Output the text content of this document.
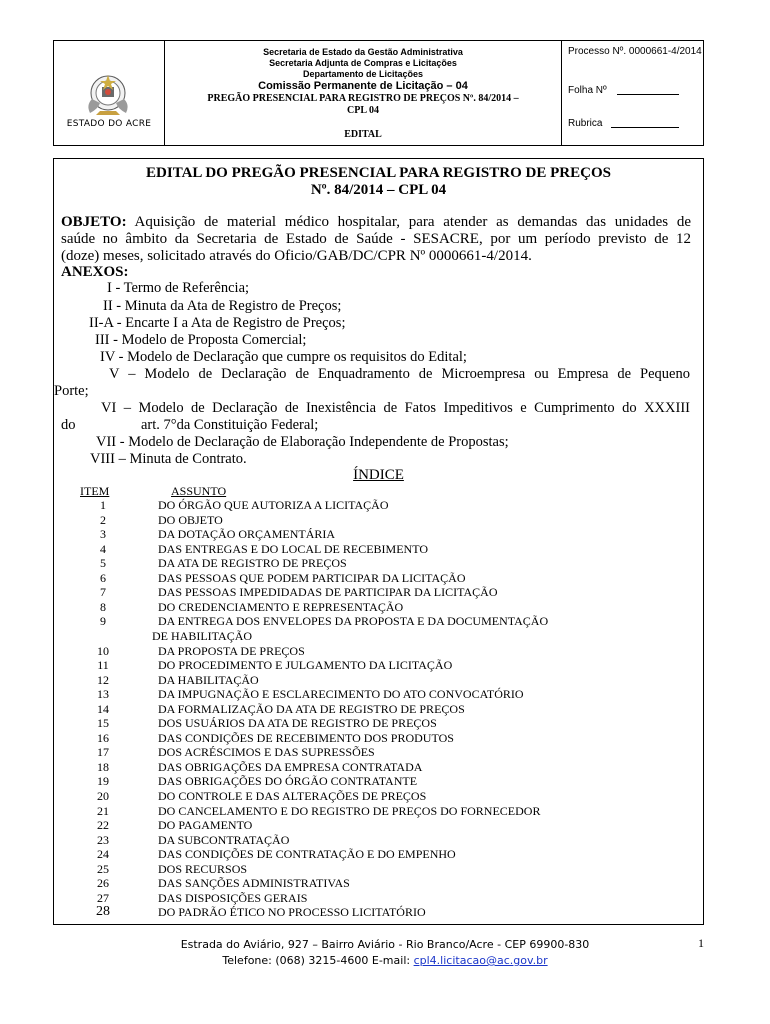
ESTADO DO ACRE
Secretaria de Estado da Gestão Administrativa
Secretaria Adjunta de Compras e Licitações
Departamento de Licitações
Comissão Permanente de Licitação – 04
PREGÃO PRESENCIAL PARA REGISTRO DE PREÇOS Nº. 84/2014 –
CPL 04
EDITAL
Processo Nº. 0000661-4/2014
Folha Nº
Rubrica
EDITAL DO PREGÃO PRESENCIAL PARA REGISTRO DE PREÇOS
Nº. 84/2014 – CPL 04
OBJETO: Aquisição de material médico hospitalar, para atender as demandas das unidades de
saúde no âmbito da Secretaria de Estado de Saúde - SESACRE, por um período previsto de 12
(doze) meses, solicitado através do Oficio/GAB/DC/CPR Nº 0000661-4/2014.
ANEXOS:
I - Termo de Referência;
II - Minuta da Ata de Registro de Preços;
II-A - Encarte I a Ata de Registro de Preços;
III - Modelo de Proposta Comercial;
IV - Modelo de Declaração que cumpre os requisitos do Edital;
V – Modelo de Declaração de Enquadramento de Microempresa ou Empresa de Pequeno
Porte;
VI – Modelo de Declaração de Inexistência de Fatos Impeditivos e Cumprimento do XXXIII
do	art. 7°da Constituição Federal;
VII - Modelo de Declaração de Elaboração Independente de Propostas;
VIII – Minuta de Contrato.
ÍNDICE
ITEM	ASSUNTO
1	DO ÓRGÃO QUE AUTORIZA A LICITAÇÃO
2	DO OBJETO
3	DA DOTAÇÃO ORÇAMENTÁRIA
4	DAS ENTREGAS E DO LOCAL DE RECEBIMENTO
5	DA ATA DE REGISTRO DE PREÇOS
6	DAS PESSOAS QUE PODEM PARTICIPAR DA LICITAÇÃO
7	DAS PESSOAS IMPEDIDADAS DE PARTICIPAR DA LICITAÇÃO
8	DO CREDENCIAMENTO E REPRESENTAÇÃO
9	DA ENTREGA DOS ENVELOPES DA PROPOSTA E DA DOCUMENTAÇÃO
DE HABILITAÇÃO
10	DA PROPOSTA DE PREÇOS
11	DO PROCEDIMENTO E JULGAMENTO DA LICITAÇÃO
12	DA HABILITAÇÃO
13	DA IMPUGNAÇÃO E ESCLARECIMENTO DO ATO CONVOCATÓRIO
14	DA FORMALIZAÇÃO DA ATA DE REGISTRO DE PREÇOS
15	DOS USUÁRIOS DA ATA DE REGISTRO DE PREÇOS
16	DAS CONDIÇÕES DE RECEBIMENTO DOS PRODUTOS
17	DOS ACRÉSCIMOS E DAS SUPRESSÕES
18	DAS OBRIGAÇÕES DA EMPRESA CONTRATADA
19	DAS OBRIGAÇÕES DO ÓRGÃO CONTRATANTE
20	DO CONTROLE E DAS ALTERAÇÕES DE PREÇOS
21	DO CANCELAMENTO E DO REGISTRO DE PREÇOS DO FORNECEDOR
22	DO PAGAMENTO
23	DA SUBCONTRATAÇÃO
24	DAS CONDIÇÕES DE CONTRATAÇÃO E DO EMPENHO
25	DOS RECURSOS
26	DAS SANÇÕES ADMINISTRATIVAS
27	DAS DISPOSIÇÕES GERAIS
28	DO PADRÃO ÉTICO NO PROCESSO LICITATÓRIO
Estrada do Aviário, 927 – Bairro Aviário - Rio Branco/Acre - CEP 69900-830
Telefone: (068) 3215-4600 E-mail: cpl4.licitacao@ac.gov.br
1
